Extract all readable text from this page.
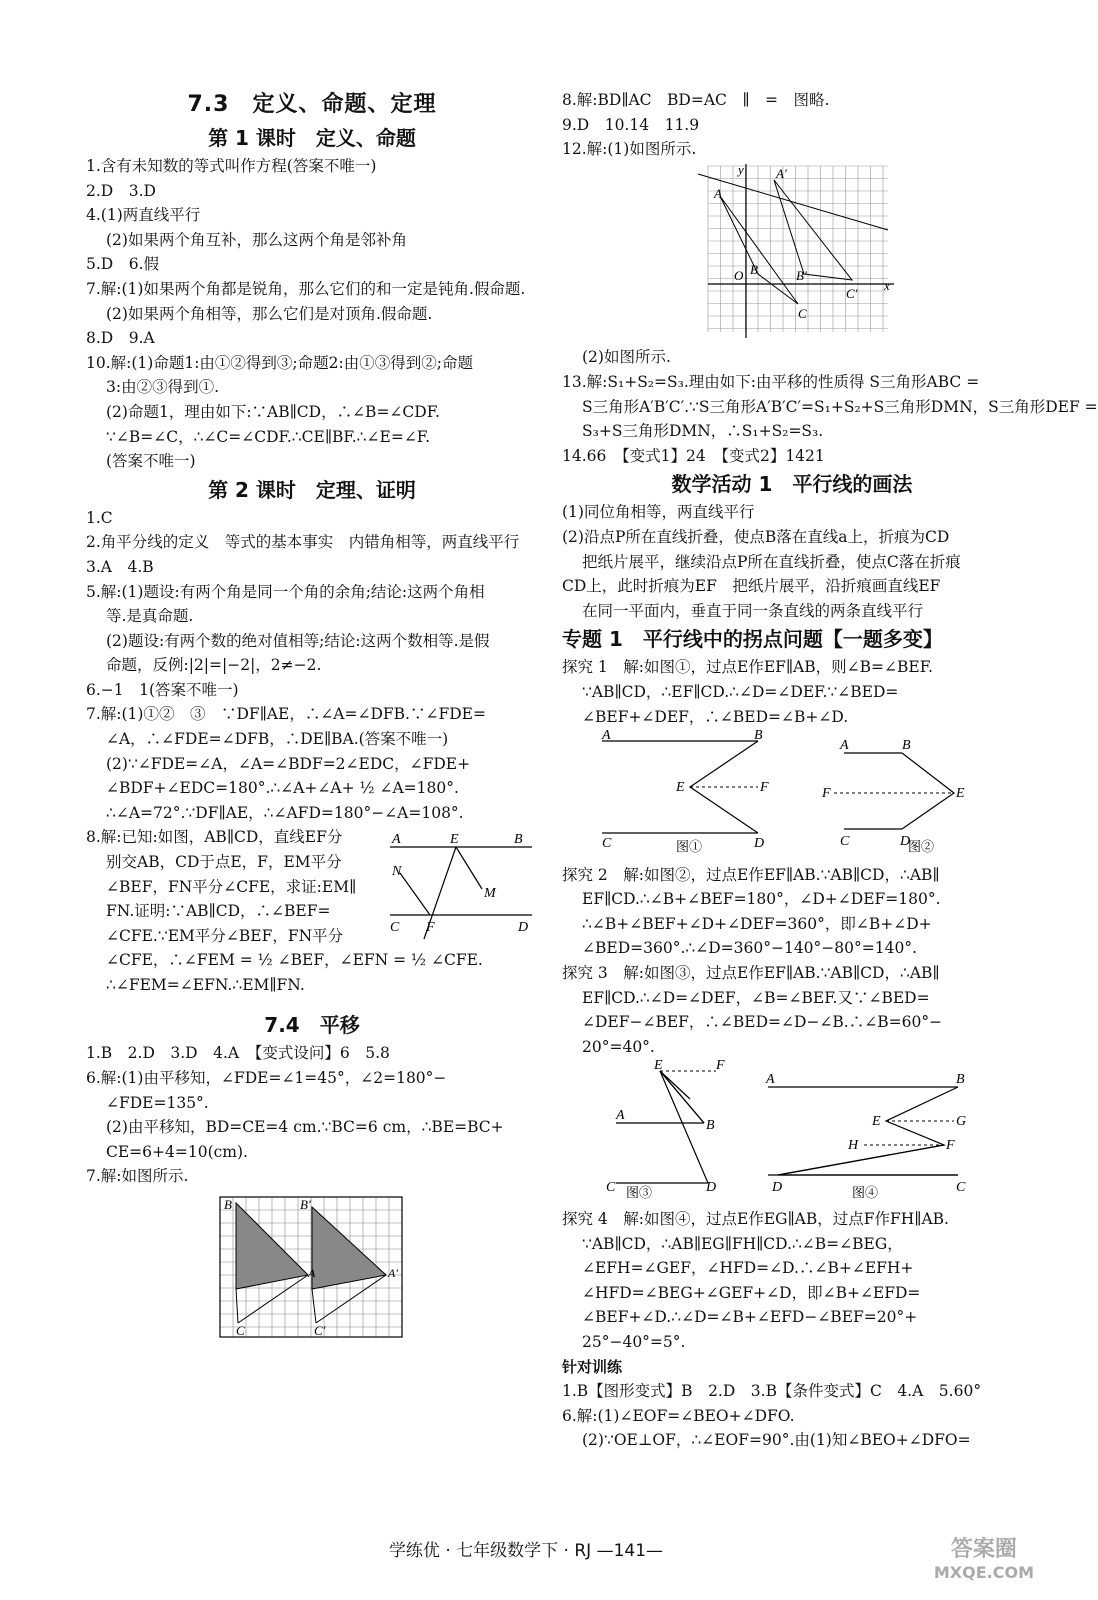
7.3　定义、命题、定理
第 1 课时　定义、命题
1.含有未知数的等式叫作方程(答案不唯一)
2.D　3.D
4.(1)两直线平行
(2)如果两个角互补，那么这两个角是邻补角
5.D　6.假
7.解:(1)如果两个角都是锐角，那么它们的和一定是钝角.假命题.
(2)如果两个角相等，那么它们是对顶角.假命题.
8.D　9.A
10.解:(1)命题1:由①②得到③;命题2:由①③得到②;命题
3:由②③得到①.
(2)命题1，理由如下:∵AB∥CD，∴∠B=∠CDF.
∵∠B=∠C，∴∠C=∠CDF.∴CE∥BF.∴∠E=∠F.
(答案不唯一)
第 2 课时　定理、证明
1.C
2.角平分线的定义　等式的基本事实　内错角相等，两直线平行
3.A　4.B
5.解:(1)题设:有两个角是同一个角的余角;结论:这两个角相
等.是真命题.
(2)题设:有两个数的绝对值相等;结论:这两个数相等.是假
命题，反例:|2|=|−2|，2≠−2.
6.−1　1(答案不唯一)
7.解:(1)①②　③　∵DF∥AE，∴∠A=∠DFB.∵∠FDE=
∠A，∴∠FDE=∠DFB，∴DE∥BA.(答案不唯一)
(2)∵∠FDE=∠A，∠A=∠BDF=2∠EDC，∠FDE+
∠BDF+∠EDC=180°.∴∠A+∠A+ ½ ∠A=180°.
∴∠A=72°.∵DF∥AE，∴∠AFD=180°−∠A=108°.
8.解:已知:如图，AB∥CD，直线EF分
别交AB，CD于点E，F，EM平分
∠BEF，FN平分∠CFE，求证:EM∥
FN.证明:∵AB∥CD，∴∠BEF=
∠CFE.∵EM平分∠BEF，FN平分
∠CFE，∴∠FEM = ½ ∠BEF，∠EFN = ½ ∠CFE.
∴∠FEM=∠EFN.∴EM∥FN.
A	E	B
N
M
C F	D
7.4　平移
1.B　2.D　3.D　4.A　【变式设问】6　5.8
6.解:(1)由平移知，∠FDE=∠1=45°，∠2=180°−
∠FDE=135°.
(2)由平移知，BD=CE=4 cm.∵BC=6 cm，∴BE=BC+
CE=6+4=10(cm).
7.解:如图所示.
B	B′
A	A′
C	C′
8.解:BD∥AC　BD=AC　∥　=　图略.
9.D　10.14　11.9
12.解:(1)如图所示.
A
A′
B	B′
C
C′
O
x
y
(2)如图所示.
13.解:S₁+S₂=S₃.理由如下:由平移的性质得 S三角形ABC =
S三角形A′B′C′.∵S三角形A′B′C′=S₁+S₂+S三角形DMN，S三角形DEF =
S₃+S三角形DMN，∴S₁+S₂=S₃.
14.66　【变式1】24　【变式2】1421
数学活动 1　平行线的画法
(1)同位角相等，两直线平行
(2)沿点P所在直线折叠，使点B落在直线a上，折痕为CD
把纸片展平，继续沿点P所在直线折叠，使点C落在折痕
CD上，此时折痕为EF　把纸片展平，沿折痕画直线EF
在同一平面内，垂直于同一条直线的两条直线平行
专题 1　平行线中的拐点问题【一题多变】
探究 1　解:如图①，过点E作EF∥AB，则∠B=∠BEF.
∵AB∥CD，∴EF∥CD.∴∠D=∠DEF.∵∠BED=
∠BEF+∠DEF，∴∠BED=∠B+∠D.
A	B
E	F
C	D
A	B
F	E
C	D
图①	图②
探究 2　解:如图②，过点E作EF∥AB.∵AB∥CD，∴AB∥
EF∥CD.∴∠B+∠BEF=180°，∠D+∠DEF=180°.
∴∠B+∠BEF+∠D+∠DEF=360°，即∠B+∠D+
∠BED=360°.∴∠D=360°−140°−80°=140°.
探究 3　解:如图③，过点E作EF∥AB.∵AB∥CD，∴AB∥
EF∥CD.∴∠D=∠DEF，∠B=∠BEF.又∵∠BED=
∠DEF−∠BEF，∴∠BED=∠D−∠B.∴∠B=60°−
20°=40°.
E	F
A
B
C	D
A	B
E	G
H	F
D	C
图③	图④
探究 4　解:如图④，过点E作EG∥AB，过点F作FH∥AB.
∵AB∥CD，∴AB∥EG∥FH∥CD.∴∠B=∠BEG，
∠EFH=∠GEF，∠HFD=∠D.∴∠B+∠EFH+
∠HFD=∠BEG+∠GEF+∠D，即∠B+∠EFD=
∠BEF+∠D.∴∠D=∠B+∠EFD−∠BEF=20°+
25°−40°=5°.
针对训练
1.B【图形变式】B　2.D　3.B【条件变式】C　4.A　5.60°
6.解:(1)∠EOF=∠BEO+∠DFO.
(2)∵OE⊥OF，∴∠EOF=90°.由(1)知∠BEO+∠DFO=
学练优 · 七年级数学下 · RJ —141—	答案圈
MXQE.COM
